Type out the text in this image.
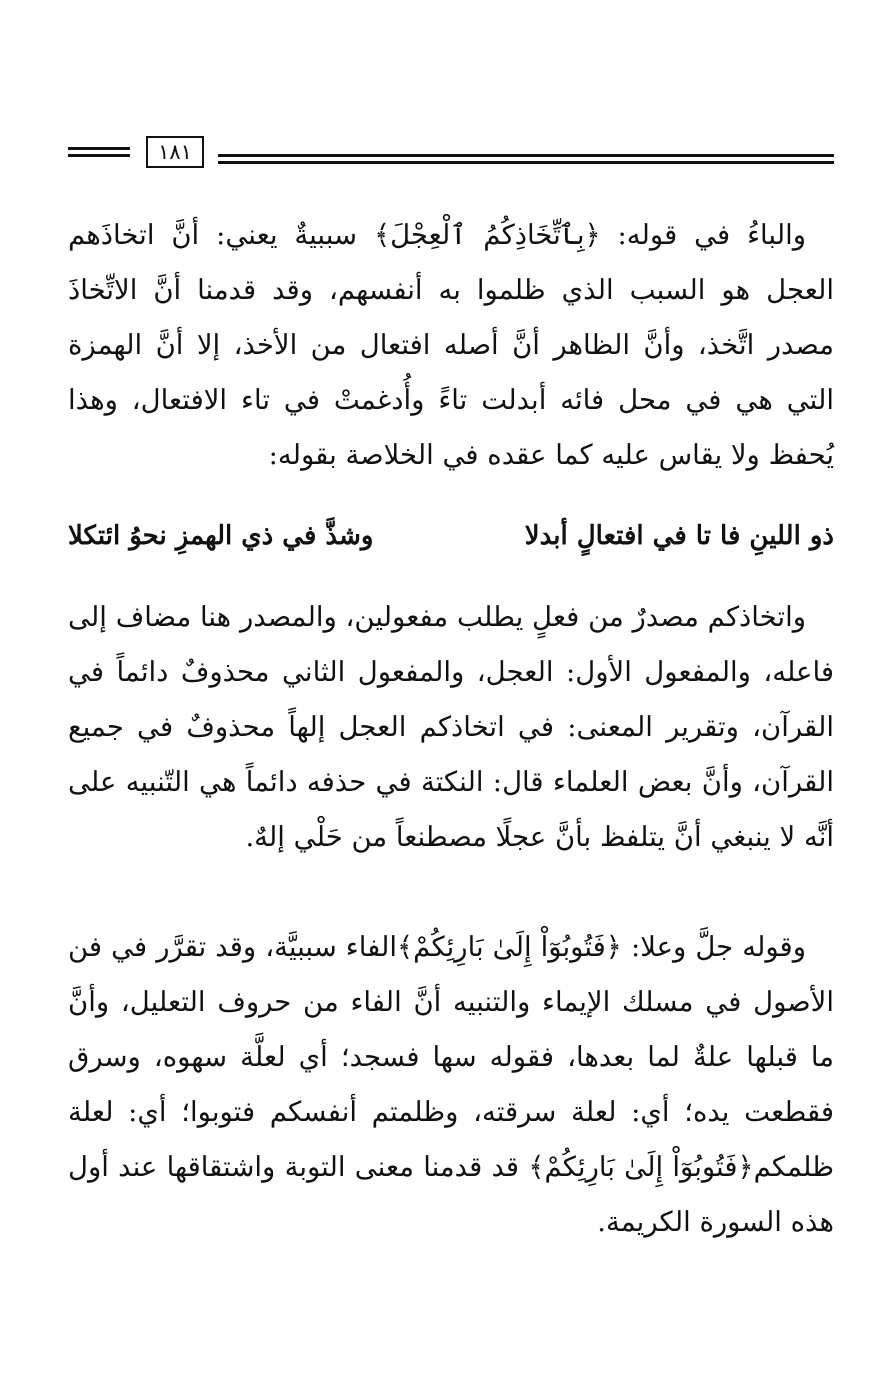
١٨١

والباءُ في قوله: ﴿بِٱتِّخَاذِكُمُ ٱلْعِجْلَ﴾ سببيةٌ يعني: أنَّ اتخاذَهم العجل هو السبب الذي ظلموا به أنفسهم، وقد قدمنا أنَّ الاتِّخاذَ مصدر اتَّخذ، وأنَّ الظاهر أنَّ أصله افتعال من الأخذ، إلا أنَّ الهمزة التي هي في محل فائه أبدلت تاءً وأُدغمتْ في تاء الافتعال، وهذا يُحفظ ولا يقاس عليه كما عقده في الخلاصة بقوله:

ذو اللينِ فا تا في افتعالٍ أبدلا
وشذَّ في ذي الهمزِ نحوُ ائتكلا

واتخاذكم مصدرٌ من فعلٍ يطلب مفعولين، والمصدر هنا مضاف إلى فاعله، والمفعول الأول: العجل، والمفعول الثاني محذوفٌ دائماً في القرآن، وتقرير المعنى: في اتخاذكم العجل إلهاً محذوفٌ في جميع القرآن، وأنَّ بعض العلماء قال: النكتة في حذفه دائماً هي التّنبيه على أنَّه لا ينبغي أنَّ يتلفظ بأنَّ عجلًا مصطنعاً من حَلْي إلهٌ.

وقوله جلَّ وعلا: ﴿فَتُوبُوٓاْ إِلَىٰ بَارِئِكُمْ﴾الفاء سببيَّة، وقد تقرَّر في فن الأصول في مسلك الإيماء والتنبيه أنَّ الفاء من حروف التعليل، وأنَّ ما قبلها علةٌ لما بعدها، فقوله سها فسجد؛ أي لعلَّة سهوه، وسرق فقطعت يده؛ أي: لعلة سرقته، وظلمتم أنفسكم فتوبوا؛ أي: لعلة ظلمكم﴿فَتُوبُوٓاْ إِلَىٰ بَارِئِكُمْ﴾ قد قدمنا معنى التوبة واشتقاقها عند أول هذه السورة الكريمة.
